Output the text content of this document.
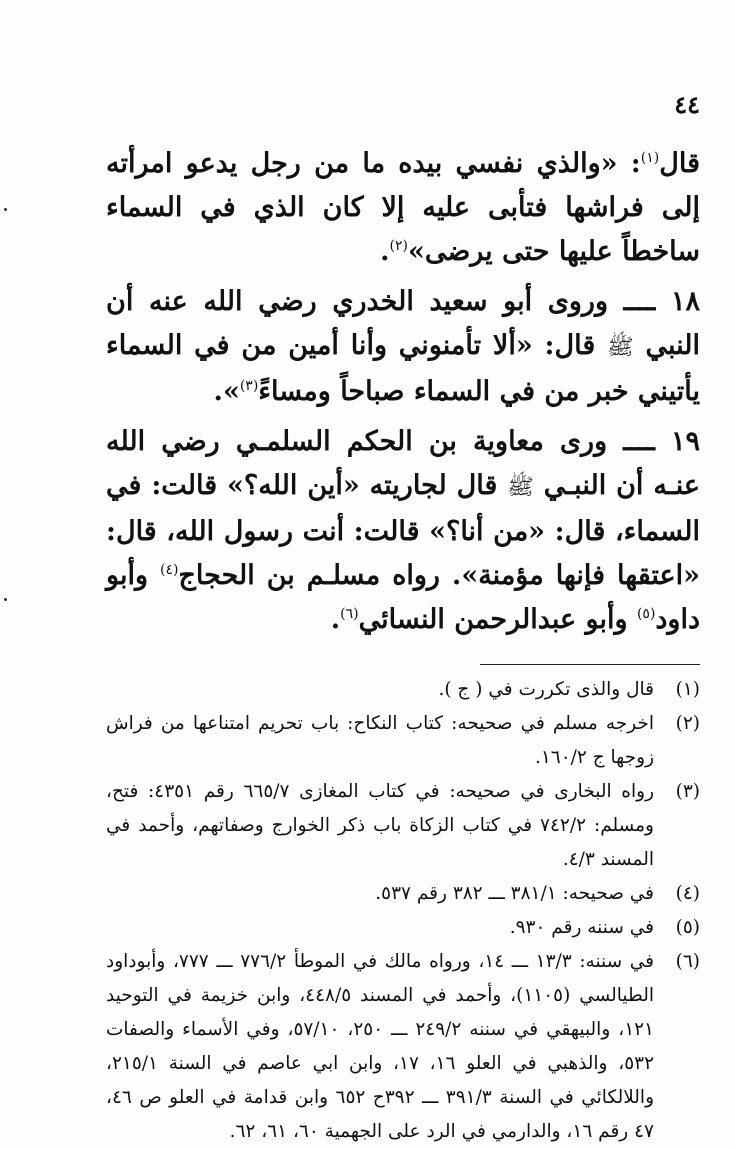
٤٤

قال$^{(١)}$: «والذي نفسي بيده ما من رجل يدعو امرأته إلى فراشها فتأبى عليه إلا كان الذي في السماء ساخطاً عليها حتى يرضى»$^{(٢)}$.

١٨ ــــ وروى أبو سعيد الخدري رضي الله عنه أن النبي ﷺ قال: «ألا تأمنوني وأنا أمين من في السماء يأتيني خبر من في السماء صباحاً ومساءً$^{(٣)}$».

١٩ ــــ ورى معاوية بن الحكم السلمـي رضي الله عنـه أن النبـي ﷺ قال لجاريته «أين الله؟» قالت: في السماء، قال: «من أنا؟» قالت: أنت رسول الله، قال: «اعتقها فإنها مؤمنة». رواه مسلـم بن الحجاج$^{(٤)}$ وأبو داود$^{(٥)}$ وأبو عبدالرحمن النسائي$^{(٦)}$.

(١)
قال والذى تكررت في ( ج ).
(٢)
اخرجه مسلم في صحيحه: كتاب النكاح: باب تحريم امتناعها من فراش زوجها ج ١٦٠/٢.
(٣)
رواه البخارى في صحيحه: في كتاب المغازى ٦٦٥/٧ رقم ٤٣٥١: فتح، ومسلم: ٧٤٢/٢ في كتاب الزكاة باب ذكر الخوارج وصفاتهم، وأحمد في المسند ٤/٣.
(٤)
في صحيحه: ٣٨١/١ ـــ ٣٨٢ رقم ٥٣٧.
(٥)
في سننه رقم ٩٣٠.
(٦)
في سننه: ١٣/٣ ـــ ١٤، ورواه مالك في الموطأ ٧٧٦/٢ ـــ ٧٧٧، وأبوداود الطيالسي (١١٠٥)، وأحمد في المسند ٤٤٨/٥، وابن خزيمة في التوحيد ١٢١، والبيهقي في سننه ٢٤٩/٢ ـــ ٢٥٠، ٥٧/١٠، وفي الأسماء والصفات ٥٣٢، والذهبي في العلو ١٦، ١٧، وابن ابي عاصم في السنة ٢١٥/١، واللالكائي في السنة ٣٩١/٣ ـــ ٣٩٢ح ٦٥٢ وابن قدامة في العلو ص ٤٦، ٤٧ رقم ١٦، والدارمي في الرد على الجهمية ٦٠، ٦١، ٦٢.
